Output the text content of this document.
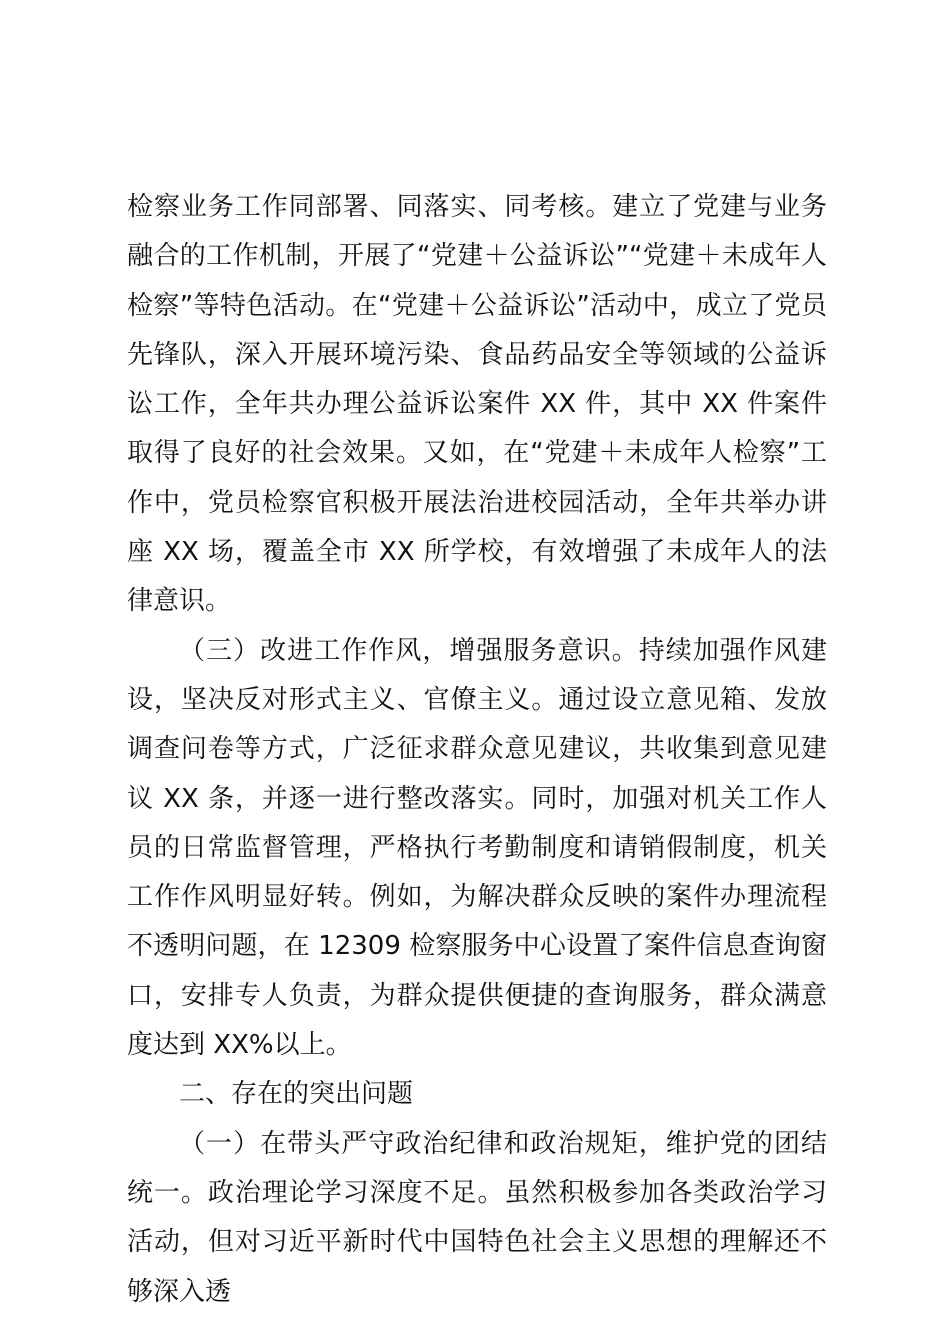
检察业务工作同部署、同落实、同考核。建立了党建与业务融合的工作机制，开展了“党建＋公益诉讼”“党建＋未成年人检察”等特色活动。在“党建＋公益诉讼”活动中，成立了党员先锋队，深入开展环境污染、食品药品安全等领域的公益诉讼工作，全年共办理公益诉讼案件 XX 件，其中 XX 件案件取得了良好的社会效果。又如，在“党建＋未成年人检察”工作中，党员检察官积极开展法治进校园活动，全年共举办讲座 XX 场，覆盖全市 XX 所学校，有效增强了未成年人的法律意识。

（三）改进工作作风，增强服务意识。持续加强作风建设，坚决反对形式主义、官僚主义。通过设立意见箱、发放调查问卷等方式，广泛征求群众意见建议，共收集到意见建议 XX 条，并逐一进行整改落实。同时，加强对机关工作人员的日常监督管理，严格执行考勤制度和请销假制度，机关工作作风明显好转。例如，为解决群众反映的案件办理流程不透明问题，在 12309 检察服务中心设置了案件信息查询窗口，安排专人负责，为群众提供便捷的查询服务，群众满意度达到 XX%以上。

二、存在的突出问题

（一）在带头严守政治纪律和政治规矩，维护党的团结统一。政治理论学习深度不足。虽然积极参加各类政治学习活动，但对习近平新时代中国特色社会主义思想的理解还不够深入透
